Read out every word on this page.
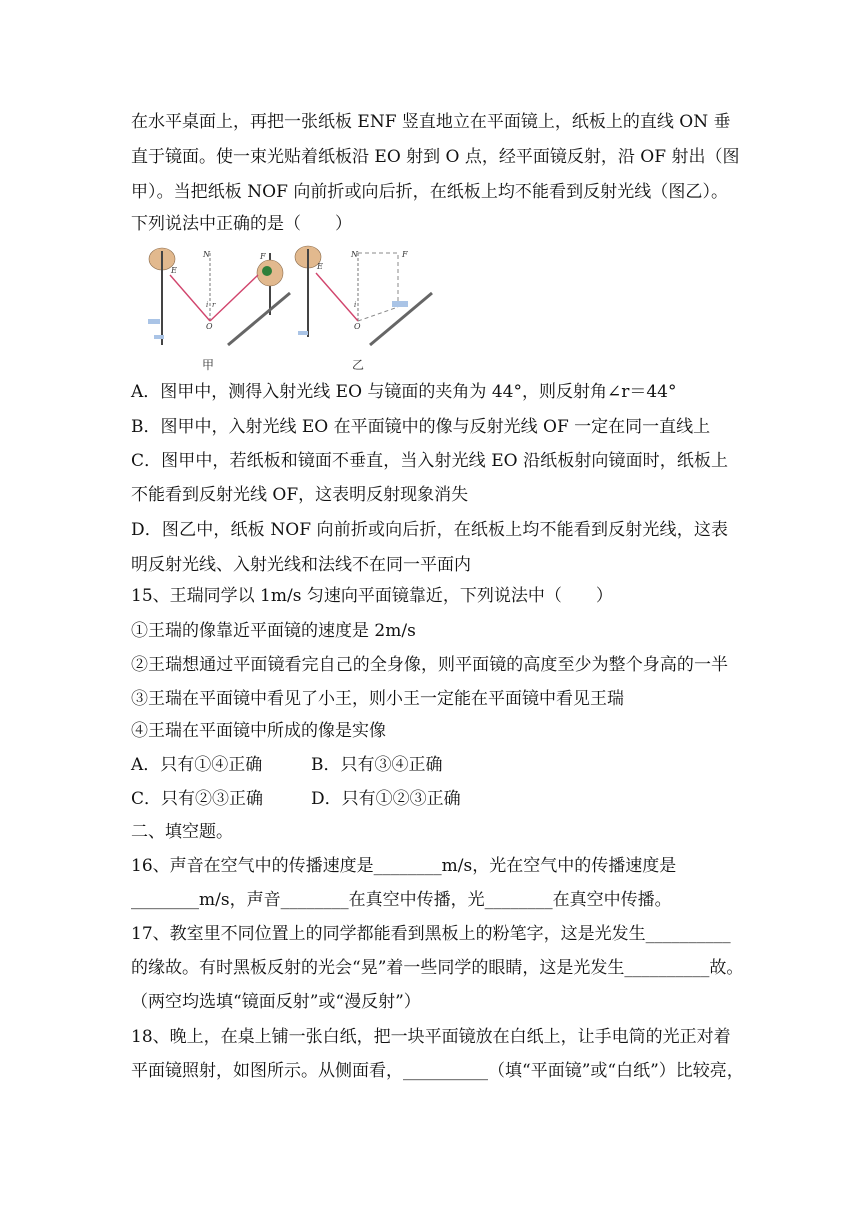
在水平桌面上，再把一张纸板 ENF 竖直地立在平面镜上，纸板上的直线 ON 垂
直于镜面。使一束光贴着纸板沿 EO 射到 O 点，经平面镜反射，沿 OF 射出（图
甲）。当把纸板 NOF 向前折或向后折，在纸板上均不能看到反射光线（图乙）。
下列说法中正确的是（　　）
E
N	F
i r
O
甲
E
N	F
i
O
乙
A．图甲中，测得入射光线 EO 与镜面的夹角为 44°，则反射角∠r＝44°
B．图甲中，入射光线 EO 在平面镜中的像与反射光线 OF 一定在同一直线上
C．图甲中，若纸板和镜面不垂直，当入射光线 EO 沿纸板射向镜面时，纸板上
不能看到反射光线 OF，这表明反射现象消失
D．图乙中，纸板 NOF 向前折或向后折，在纸板上均不能看到反射光线，这表
明反射光线、入射光线和法线不在同一平面内
15、王瑞同学以 1m/s 匀速向平面镜靠近，下列说法中（　　）
①王瑞的像靠近平面镜的速度是 2m/s
②王瑞想通过平面镜看完自己的全身像，则平面镜的高度至少为整个身高的一半
③王瑞在平面镜中看见了小王，则小王一定能在平面镜中看见王瑞
④王瑞在平面镜中所成的像是实像
A．只有①④正确	B．只有③④正确
C．只有②③正确	D．只有①②③正确
二、填空题。
16、声音在空气中的传播速度是________m/s，光在空气中的传播速度是
________m/s，声音________在真空中传播，光________在真空中传播。
17、教室里不同位置上的同学都能看到黑板上的粉笔字，这是光发生__________
的缘故。有时黑板反射的光会“晃”着一些同学的眼睛，这是光发生__________故。
（两空均选填“镜面反射”或“漫反射”）
18、晚上，在桌上铺一张白纸，把一块平面镜放在白纸上，让手电筒的光正对着
平面镜照射，如图所示。从侧面看，__________（填“平面镜”或“白纸”）比较亮，
